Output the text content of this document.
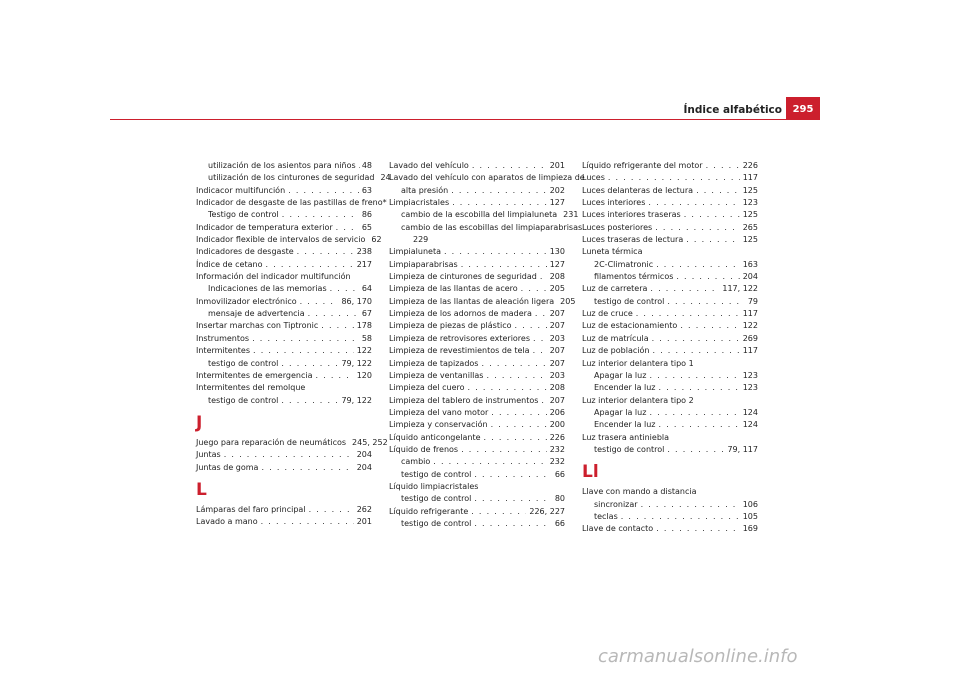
Índice alfabético	295
utilización de los asientos para niños . . . 48
utilización de los cinturones de seguridad 24
Indicacor multifunción . . .	63
Indicador de desgaste de las pastillas de freno*
Testigo de control . . .	86
Indicador de temperatura exterior . . .	65
Indicador flexible de intervalos de servicio 62
Indicadores de desgaste . . .	238
Índice de cetano . . .	217
Información del indicador multifunción
Indicaciones de las memorias . . .	64
Inmovilizador electrónico . . .	86, 170
mensaje de advertencia . . .	67
Insertar marchas con Tiptronic . . .	178
Instrumentos . . .	58
Intermitentes . . .	122
testigo de control . . .	79, 122
Intermitentes de emergencia . . .	120
Intermitentes del remolque
testigo de control . . .	79, 122
J
Juego para reparación de neumáticos 245, 252
Juntas . . .	204
Juntas de goma . . .	204
L
Lámparas del faro principal . . .	262
Lavado a mano . . .	201
Lavado del vehículo . . .	201
Lavado del vehículo con aparatos de limpieza de
alta presión . . .	202
Limpiacristales . . .	127
cambio de la escobilla del limpialuneta 231
cambio de las escobillas del limpiaparabrisas .
229
Limpialuneta . . .	130
Limpiaparabrisas . . .	127
Limpieza de cinturones de seguridad . . . 208
Limpieza de las llantas de acero . . .	205
Limpieza de las llantas de aleación ligera 205
Limpieza de los adornos de madera . . . 207
Limpieza de piezas de plástico . . .	207
Limpieza de retrovisores exteriores . . . 203
Limpieza de revestimientos de tela . . .	207
Limpieza de tapizados . . .	207
Limpieza de ventanillas . . .	203
Limpieza del cuero . . .	208
Limpieza del tablero de instrumentos . . . 207
Limpieza del vano motor . . .	206
Limpieza y conservación . . .	200
Líquido anticongelante . . .	226
Líquido de frenos . . .	232
cambio . . .	232
testigo de control . . .	66
Líquido limpiacristales
testigo de control . . .	80
Líquido refrigerante . . .	226, 227
testigo de control . . .	66
Líquido refrigerante del motor . . .	226
Luces . . .	117
Luces delanteras de lectura . . .	125
Luces interiores . . .	123
Luces interiores traseras . . .	125
Luces posteriores . . .	265
Luces traseras de lectura . . .	125
Luneta térmica
2C-Climatronic . . .	163
filamentos térmicos . . .	204
Luz de carretera . . .	117, 122
testigo de control . . .	79
Luz de cruce . . .	117
Luz de estacionamiento . . .	122
Luz de matrícula . . .	269
Luz de población . . .	117
Luz interior delantera tipo 1
Apagar la luz . . .	123
Encender la luz . . .	123
Luz interior delantera tipo 2
Apagar la luz . . .	124
Encender la luz . . .	124
Luz trasera antiniebla
testigo de control . . .	79, 117
Ll
Llave con mando a distancia
sincronizar . . .	106
teclas . . .	105
Llave de contacto . . .	169
carmanualsonline.info
